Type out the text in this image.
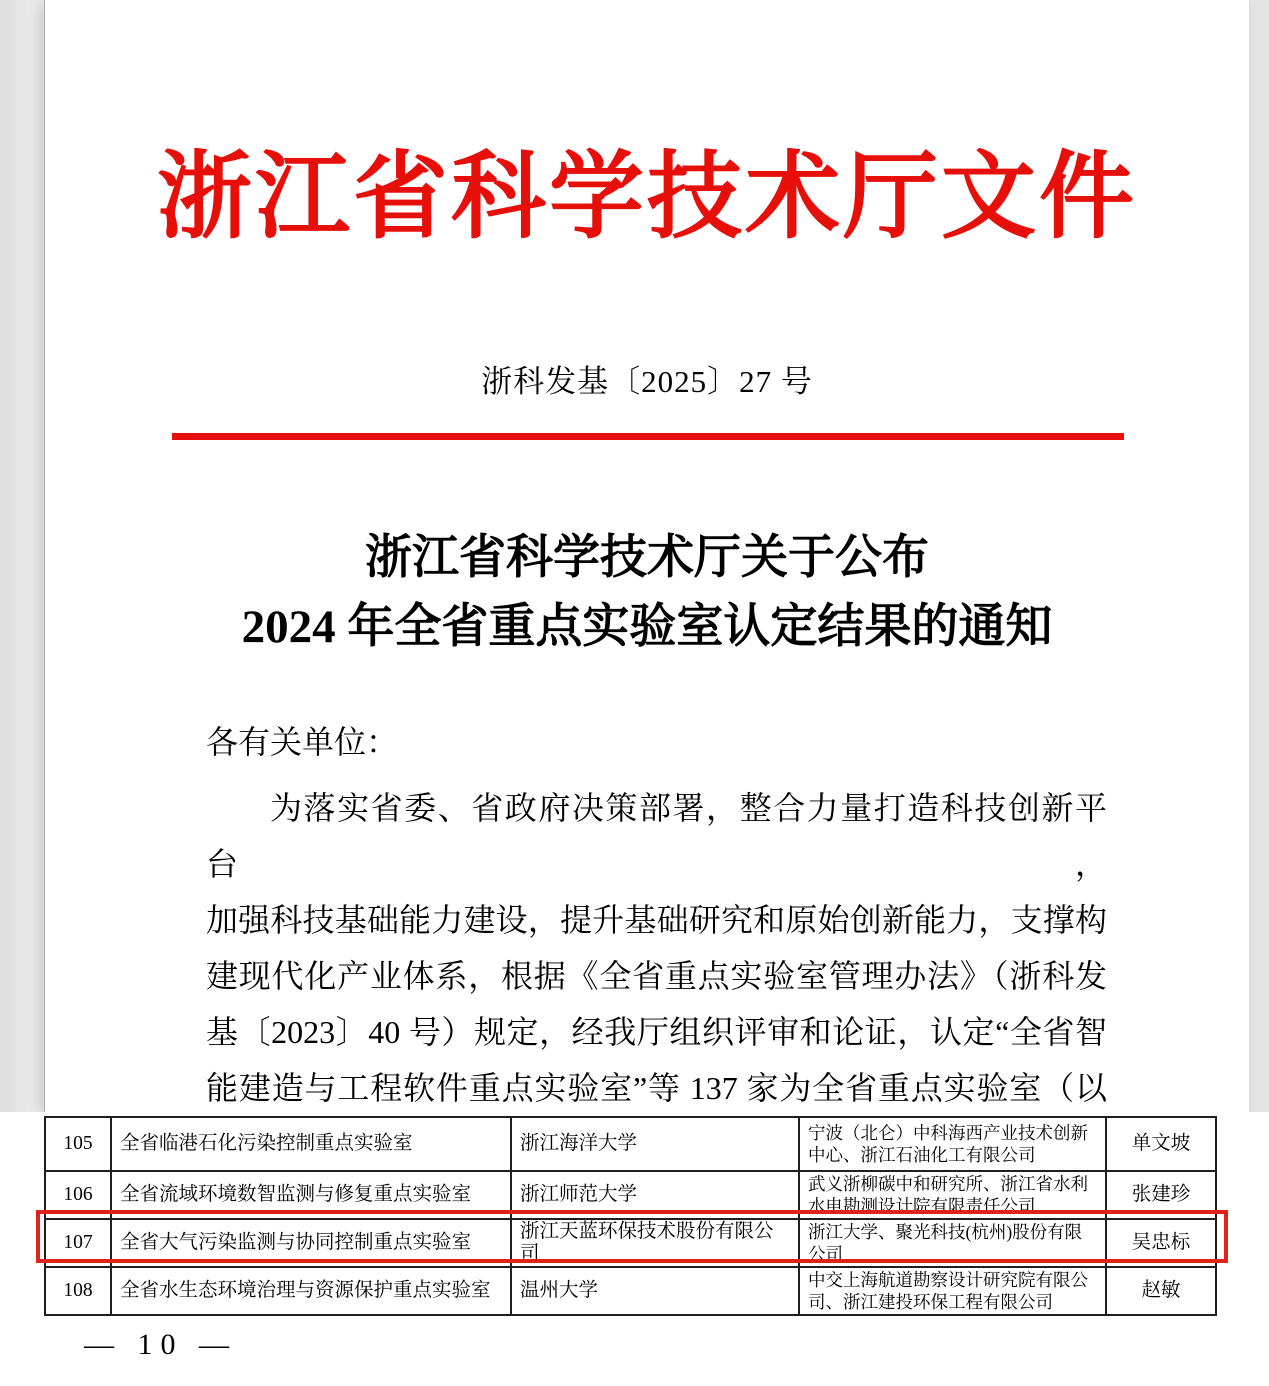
浙江省科学技术厅文件
浙科发基〔2025〕27 号
浙江省科学技术厅关于公布
2024 年全省重点实验室认定结果的通知
各有关单位：
为落实省委、省政府决策部署，整合力量打造科技创新平台，
加强科技基础能力建设，提升基础研究和原始创新能力，支撑构
建现代化产业体系，根据《全省重点实验室管理办法》（浙科发
基〔2023〕40 号）规定，经我厅组织评审和论证，认定“全省智
能建造与工程软件重点实验室”等 137 家为全省重点实验室（以
105	全省临港石化污染控制重点实验室	浙江海洋大学	宁波（北仑）中科海西产业技术创新中心、浙江石油化工有限公司	单文坡
106	全省流域环境数智监测与修复重点实验室	浙江师范大学	武义浙柳碳中和研究所、浙江省水利水电勘测设计院有限责任公司	张建珍
107	全省大气污染监测与协同控制重点实验室	浙江天蓝环保技术股份有限公司	浙江大学、聚光科技(杭州)股份有限公司	吴忠标
108	全省水生态环境治理与资源保护重点实验室	温州大学	中交上海航道勘察设计研究院有限公司、浙江建投环保工程有限公司	赵敏
— 10 —
